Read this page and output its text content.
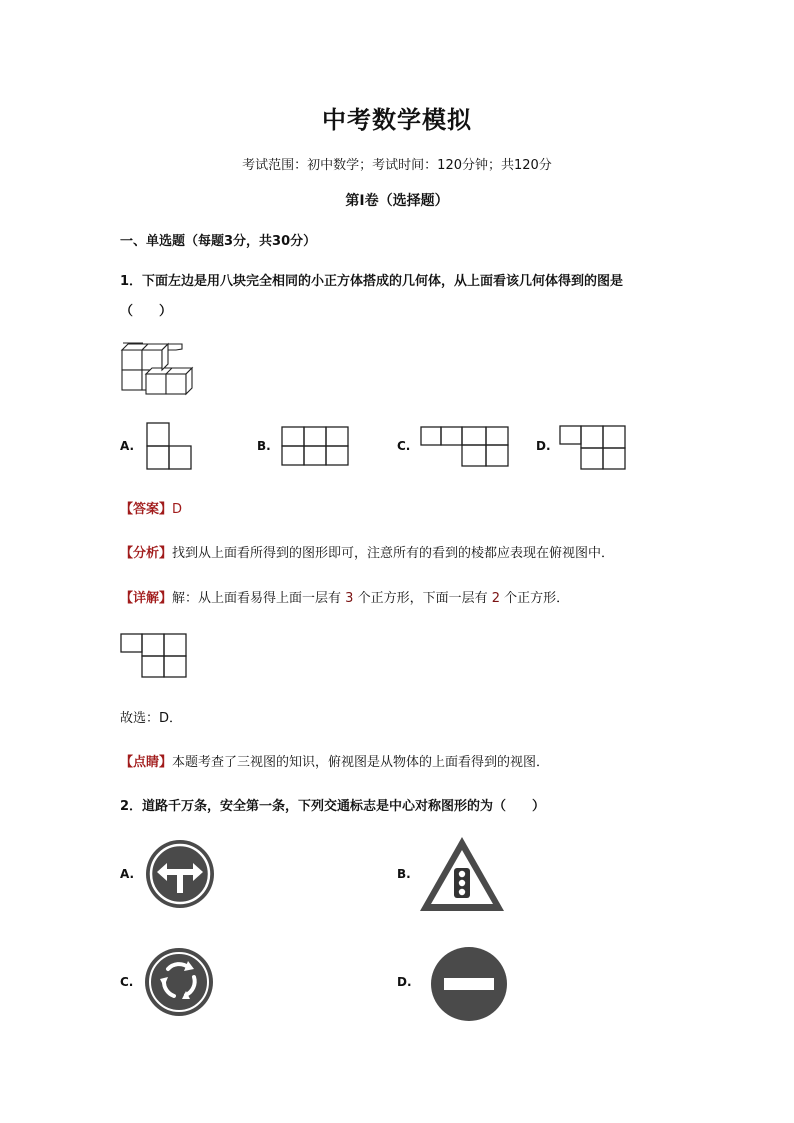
中考数学模拟
考试范围：初中数学；考试时间：120分钟；共120分
第Ⅰ卷（选择题）
一、单选题（每题3分，共30分）
1．下面左边是用八块完全相同的小正方体搭成的几何体，从上面看该几何体得到的图是
（　　）
A.	B.	C.	D.
【答案】D
【分析】找到从上面看所得到的图形即可，注意所有的看到的棱都应表现在俯视图中．
【详解】解：从上面看易得上面一层有 3 个正方形，下面一层有 2 个正方形．
故选：D．
【点睛】本题考查了三视图的知识，俯视图是从物体的上面看得到的视图．
2．道路千万条，安全第一条，下列交通标志是中心对称图形的为（　　）
A.	B.
C.	D.
